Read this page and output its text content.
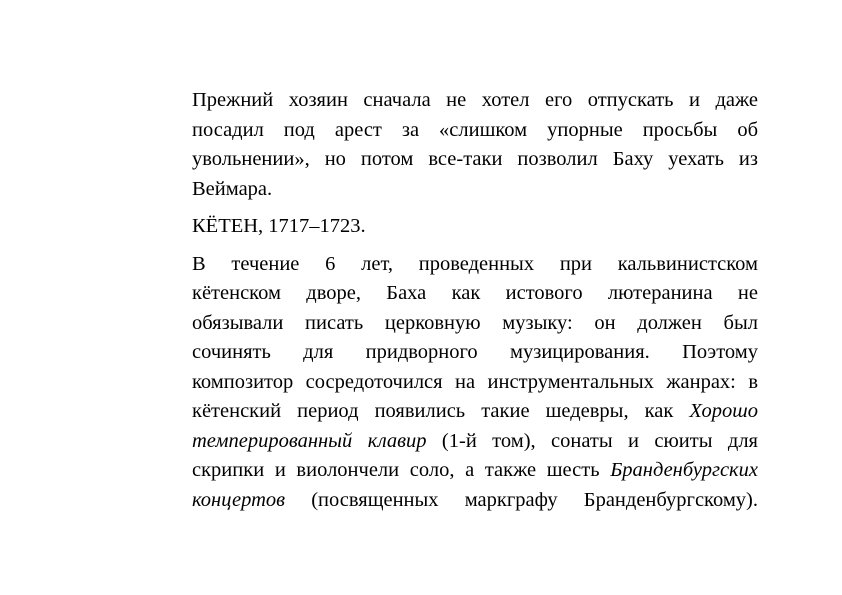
Прежний хозяин сначала не хотел его отпускать и даже
посадил под арест за «слишком упорные просьбы об
увольнении», но потом все-таки позволил Баху уехать из
Веймара.

КЁТЕН, 1717–1723.

В течение 6 лет, проведенных при кальвинистском
кётенском дворе, Баха как истового лютеранина не
обязывали писать церковную музыку: он должен был
сочинять для придворного музицирования. Поэтому
композитор сосредоточился на инструментальных жанрах: в
кётенский период появились такие шедевры, как Хорошо
темперированный клавир (1-й том), сонаты и сюиты для
скрипки и виолончели соло, а также шесть Бранденбургских
концертов (посвященных маркграфу Бранденбургскому).
